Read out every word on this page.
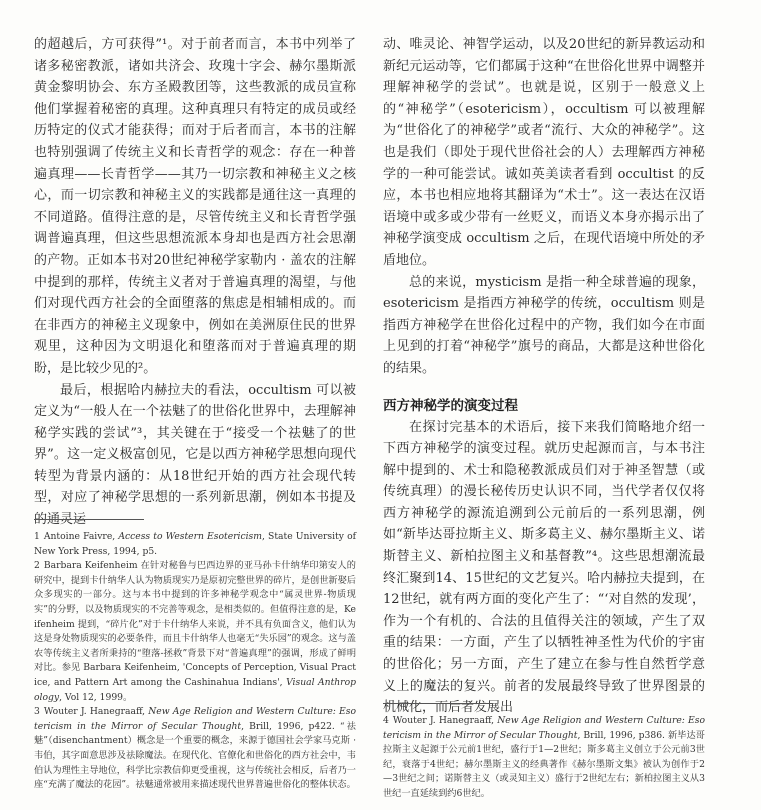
的超越后，方可获得”¹。对于前者而言，本书中列举了诸多秘密教派，诸如共济会、玫瑰十字会、赫尔墨斯派黄金黎明协会、东方圣殿教团等，这些教派的成员宣称他们掌握着秘密的真理。这种真理只有特定的成员或经历特定的仪式才能获得；而对于后者而言，本书的注解也特别强调了传统主义和长青哲学的观念：存在一种普遍真理——长青哲学——其乃一切宗教和神秘主义之核心，而一切宗教和神秘主义的实践都是通往这一真理的不同道路。值得注意的是，尽管传统主义和长青哲学强调普遍真理，但这些思想流派本身却也是西方社会思潮的产物。正如本书对20世纪神秘学家勒内 · 盖农的注解中提到的那样，传统主义者对于普遍真理的渴望，与他们对现代西方社会的全面堕落的焦虑是相辅相成的。而在非西方的神秘主义现象中，例如在美洲原住民的世界观里，这种因为文明退化和堕落而对于普遍真理的期盼，是比较少见的²。

最后，根据哈内赫拉夫的看法，occultism 可以被定义为“一般人在一个祛魅了的世俗化世界中，去理解神秘学实践的尝试”³，其关键在于“接受一个祛魅了的世界”。这一定义极富创见，它是以西方神秘学思想向现代转型为背景内涵的：从18世纪开始的西方社会现代转型，对应了神秘学思想的一系列新思潮，例如本书提及的通灵运

动、唯灵论、神智学运动，以及20世纪的新异教运动和新纪元运动等，它们都属于这种“在世俗化世界中调整并理解神秘学的尝试”。也就是说，区别于一般意义上的“神秘学”（esotericism），occultism 可以被理解为“世俗化了的神秘学”或者“流行、大众的神秘学”。这也是我们（即处于现代世俗社会的人）去理解西方神秘学的一种可能尝试。诚如英美读者看到 occultist 的反应，本书也相应地将其翻译为“术士”。这一表达在汉语语境中或多或少带有一丝贬义，而语义本身亦揭示出了神秘学演变成 occultism 之后，在现代语境中所处的矛盾地位。

总的来说，mysticism 是指一种全球普遍的现象，esotericism 是指西方神秘学的传统，occultism 则是指西方神秘学在世俗化过程中的产物，我们如今在市面上见到的打着“神秘学”旗号的商品，大都是这种世俗化的结果。

西方神秘学的演变过程

在探讨完基本的术语后，接下来我们简略地介绍一下西方神秘学的演变过程。就历史起源而言，与本书注解中提到的、术士和隐秘教派成员们对于神圣智慧（或传统真理）的漫长秘传历史认识不同，当代学者仅仅将西方神秘学的源流追溯到公元前后的一系列思潮，例如“新毕达哥拉斯主义、斯多葛主义、赫尔墨斯主义、诺斯替主义、新柏拉图主义和基督教”⁴。这些思想潮流最终汇聚到14、15世纪的文艺复兴。哈内赫拉夫提到，在12世纪，就有两方面的变化产生了：“‘对自然的发现’，作为一个有机的、合法的且值得关注的领域，产生了双重的结果：一方面，产生了以牺牲神圣性为代价的宇宙的世俗化；另一方面，产生了建立在参与性自然哲学意义上的魔法的复兴。前者的发展最终导致了世界图景的机械化，而后者发展出

1 Antoine Faivre, Access to Western Esotericism, State University of New York Press, 1994, p5.

2 Barbara Keifenheim 在针对秘鲁与巴西边界的亚马孙卡什纳华印第安人的研究中，提到卡什纳华人认为物质现实乃是原初完整世界的碎片，是创世新娶后众多现实的一部分。这与本书中提到的许多神秘学观念中“属灵世界-物质现实”的分野，以及物质现实的不完善等观念，是相类似的。但值得注意的是，Keifenheim 提到，“碎片化”对于卡什纳华人来说，并不具有负面含义，他们认为这是身处物质现实的必要条件，而且卡什纳华人也毫无“失乐园”的观念。这与盖农等传统主义者所秉持的“堕落-拯救”背景下对“普遍真理”的强调，形成了鲜明对比。参见 Barbara Keifenheim, 'Concepts of Perception, Visual Practice, and Pattern Art among the Cashinahua Indians', Visual Anthropology, Vol 12, 1999。

3 Wouter J. Hanegraaff, New Age Religion and Western Culture: Esotericism in the Mirror of Secular Thought, Brill, 1996, p422. “祛魅”（disenchantment）概念是一个重要的概念，来源于德国社会学家马克斯 · 韦伯，其字面意思涉及祛除魔法。在现代化、官僚化和世俗化的西方社会中，韦伯认为理性主导地位，科学比宗教信仰更受重视，这与传统社会相反，后者乃一座“充满了魔法的花园”。祛魅通常被用来描述现代世界普遍世俗化的整体状态。

4 Wouter J. Hanegraaff, New Age Religion and Western Culture: Esotericism in the Mirror of Secular Thought, Brill, 1996, p386. 新毕达哥拉斯主义起源于公元前1世纪，盛行于1—2世纪；斯多葛主义创立于公元前3世纪，衰落于4世纪；赫尔墨斯主义的经典著作《赫尔墨斯文集》被认为创作于2—3世纪之间；诺斯替主义（或灵知主义）盛行于2世纪左右；新柏拉图主义从3世纪一直延续到约6世纪。
